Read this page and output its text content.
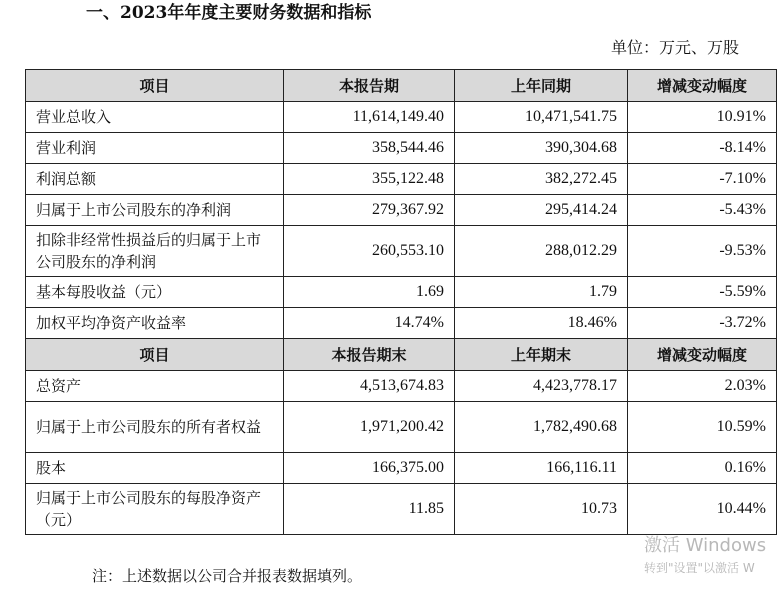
一、2023年年度主要财务数据和指标
单位：万元、万股
项目	本报告期	上年同期	增减变动幅度
营业总收入	11,614,149.40	10,471,541.75	10.91%
营业利润	358,544.46	390,304.68	-8.14%
利润总额	355,122.48	382,272.45	-7.10%
归属于上市公司股东的净利润	279,367.92	295,414.24	-5.43%
扣除非经常性损益后的归属于上市公司股东的净利润	260,553.10	288,012.29	-9.53%
基本每股收益（元）	1.69	1.79	-5.59%
加权平均净资产收益率	14.74%	18.46%	-3.72%
项目	本报告期末	上年期末	增减变动幅度
总资产	4,513,674.83	4,423,778.17	2.03%
归属于上市公司股东的所有者权益	1,971,200.42	1,782,490.68	10.59%
股本	166,375.00	166,116.11	0.16%
归属于上市公司股东的每股净资产（元）	11.85	10.73	10.44%
注：上述数据以公司合并报表数据填列。
激活 Windows
转到"设置"以激活 W
